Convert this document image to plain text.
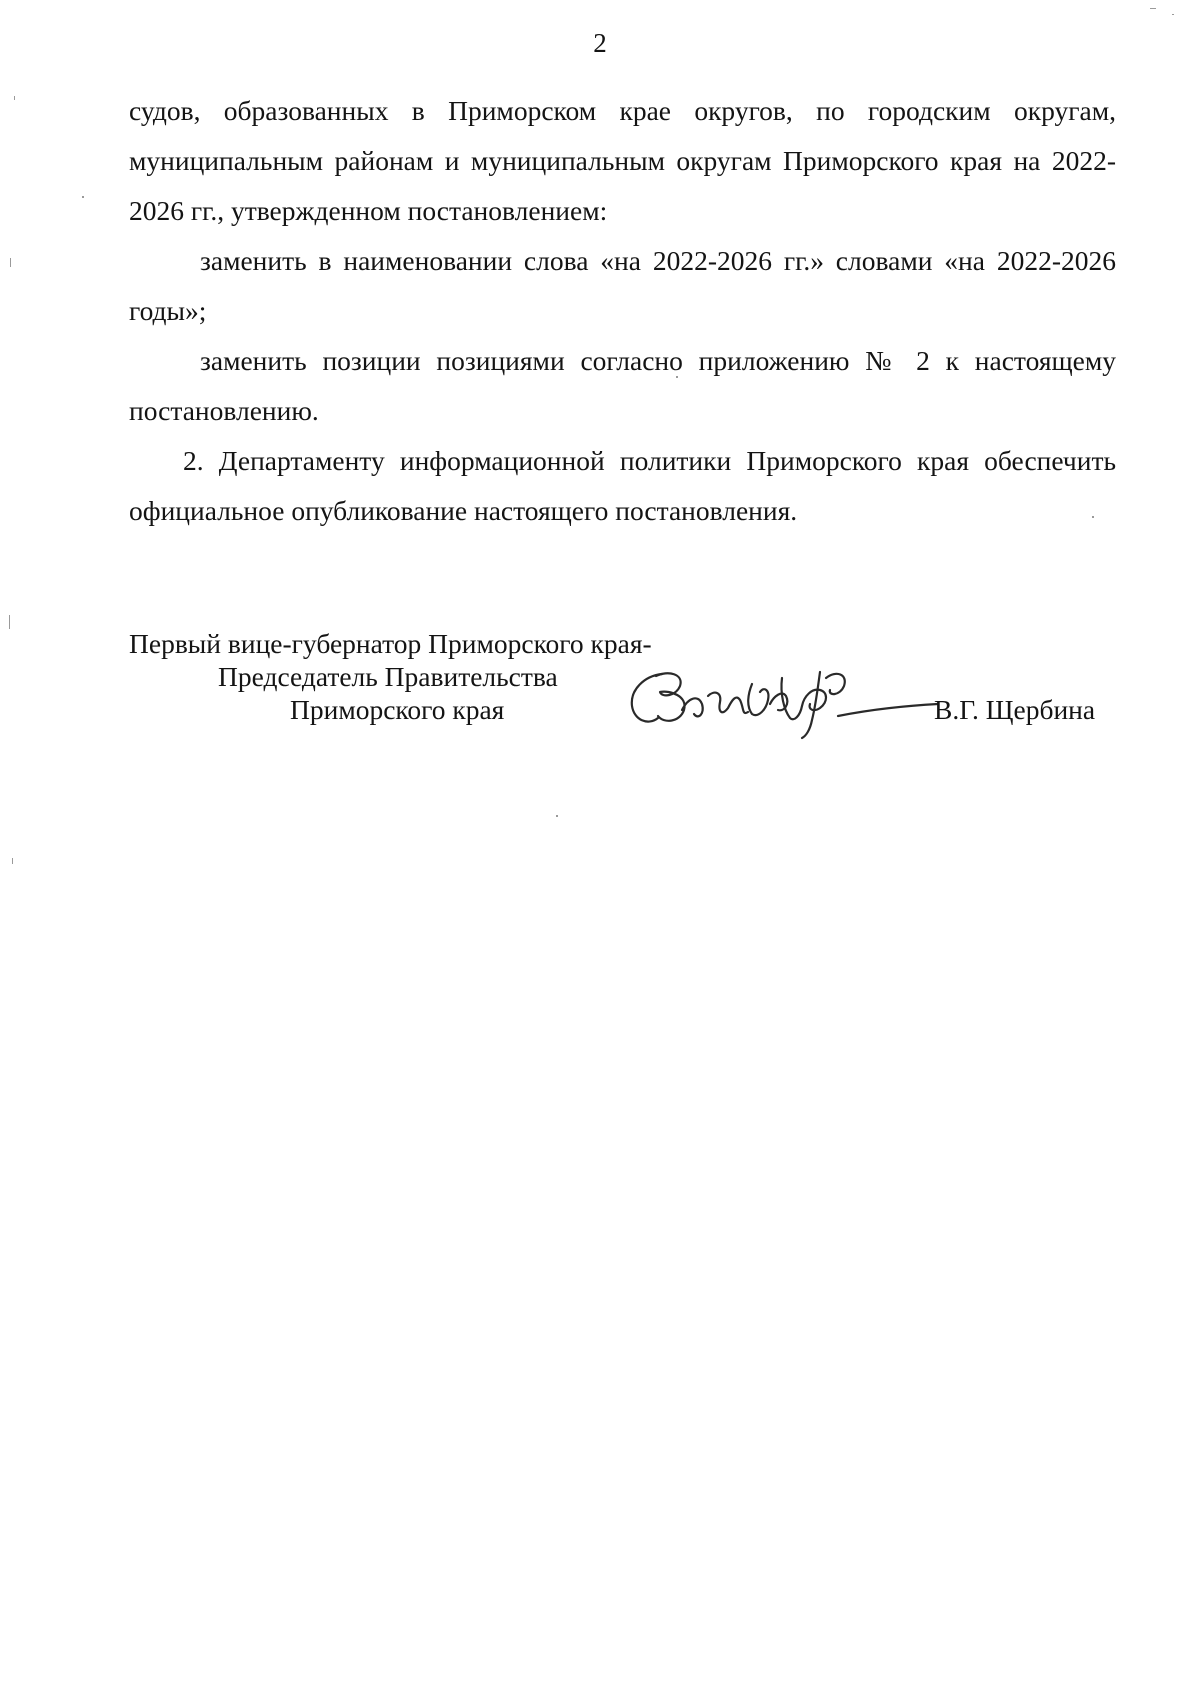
2

судов, образованных в Приморском крае округов, по городским округам, муниципальным районам и муниципальным округам Приморского края на 2022-2026 гг., утвержденном постановлением:

заменить в наименовании слова «на 2022-2026 гг.» словами «на 2022-2026 годы»;

заменить позиции позициями согласно приложению № 2 к настоящему постановлению.

2. Департаменту информационной политики Приморского края обеспечить официальное опубликование настоящего постановления.

Первый вице-губернатор Приморского края-
Председатель Правительства
Приморского края	В.Г. Щербина
